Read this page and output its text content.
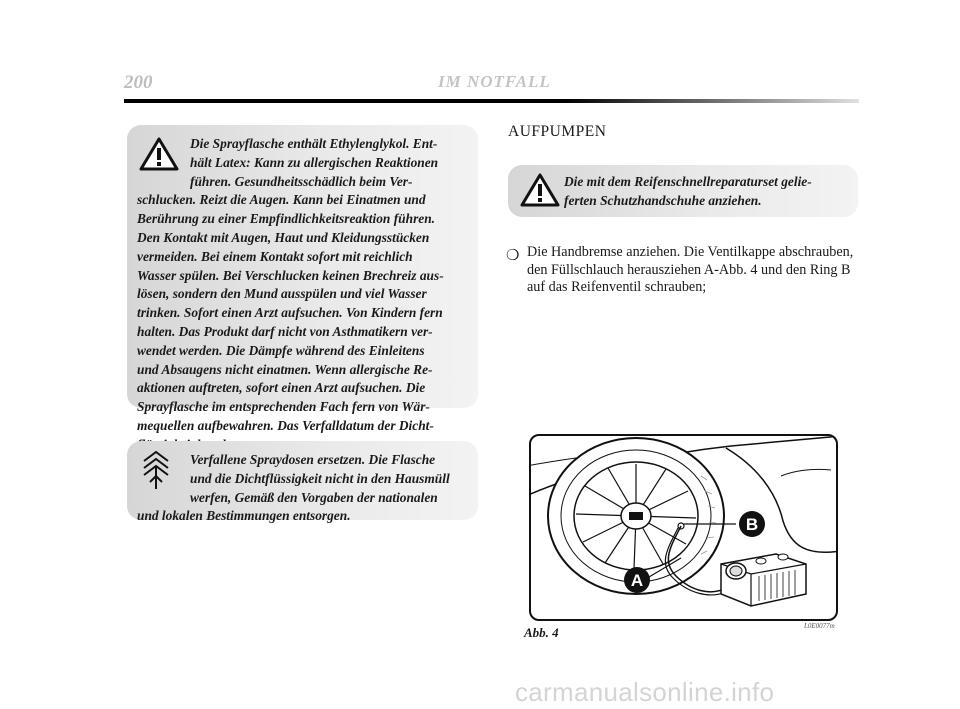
200	IM NOTFALL
Die Sprayflasche enthält Ethylenglykol. Ent-
hält Latex: Kann zu allergischen Reaktionen
führen. Gesundheitsschädlich beim Ver-
schlucken. Reizt die Augen. Kann bei Einatmen und
Berührung zu einer Empfindlichkeitsreaktion führen.
Den Kontakt mit Augen, Haut und Kleidungsstücken
vermeiden. Bei einem Kontakt sofort mit reichlich
Wasser spülen. Bei Verschlucken keinen Brechreiz aus-
lösen, sondern den Mund ausspülen und viel Wasser
trinken. Sofort einen Arzt aufsuchen. Von Kindern fern
halten. Das Produkt darf nicht von Asthmatikern ver-
wendet werden. Die Dämpfe während des Einleitens
und Absaugens nicht einatmen. Wenn allergische Re-
aktionen auftreten, sofort einen Arzt aufsuchen. Die
Sprayflasche im entsprechenden Fach fern von Wär-
mequellen aufbewahren. Das Verfalldatum der Dicht-
Verfallene Spraydosen ersetzen. Die Flasche
und die Dichtflüssigkeit nicht in den Hausmüll
werfen, Gemäß den Vorgaben der nationalen
und lokalen Bestimmungen entsorgen.
AUFPUMPEN
Die mit dem Reifenschnellreparaturset gelie-
ferten Schutzhandschuhe anziehen.
❍ Die Handbremse anziehen. Die Ventilkappe abschrauben, den Füllschlauch herausziehen A-Abb. 4 und den Ring B auf das Reifenventil schrauben;
B
A
Abb. 4	L0E0077m
carmanualsonline.info
